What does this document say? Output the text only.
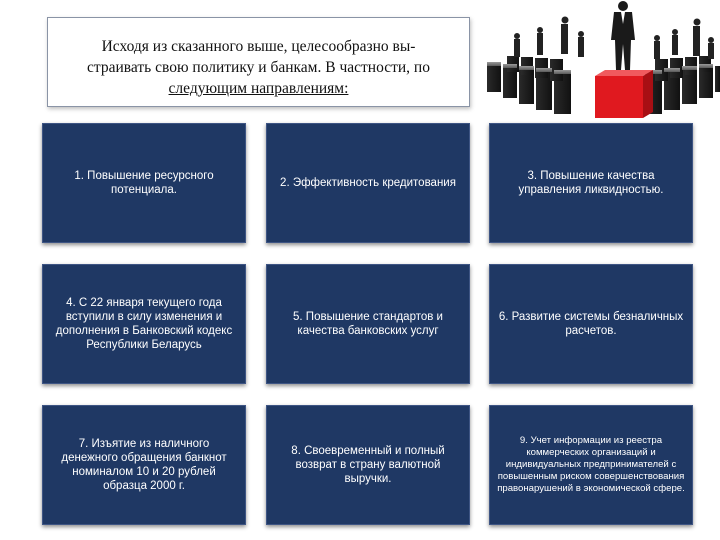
Исходя из сказанного выше, целесообразно вы-
страивать свою политику и банкам. В частности, по
следующим направлениям:
1. Повышение ресурсного потенциала.
2. Эффективность кредитования
3. Повышение качества управления ликвидностью.
4. С 22 января текущего года вступили в силу изменения и дополнения в Банковский кодекс Республики Беларусь
5. Повышение стандартов и качества банковских услуг
6. Развитие системы безналичных расчетов.
7. Изъятие из наличного денежного обращения банкнот номиналом 10 и 20 рублей образца 2000 г.
8. Своевременный и полный возврат в страну валютной выручки.
9. Учет информации из реестра коммерческих организаций и индивидуальных предпринимателей с повышенным риском совершенствования правонарушений в экономической сфере.
